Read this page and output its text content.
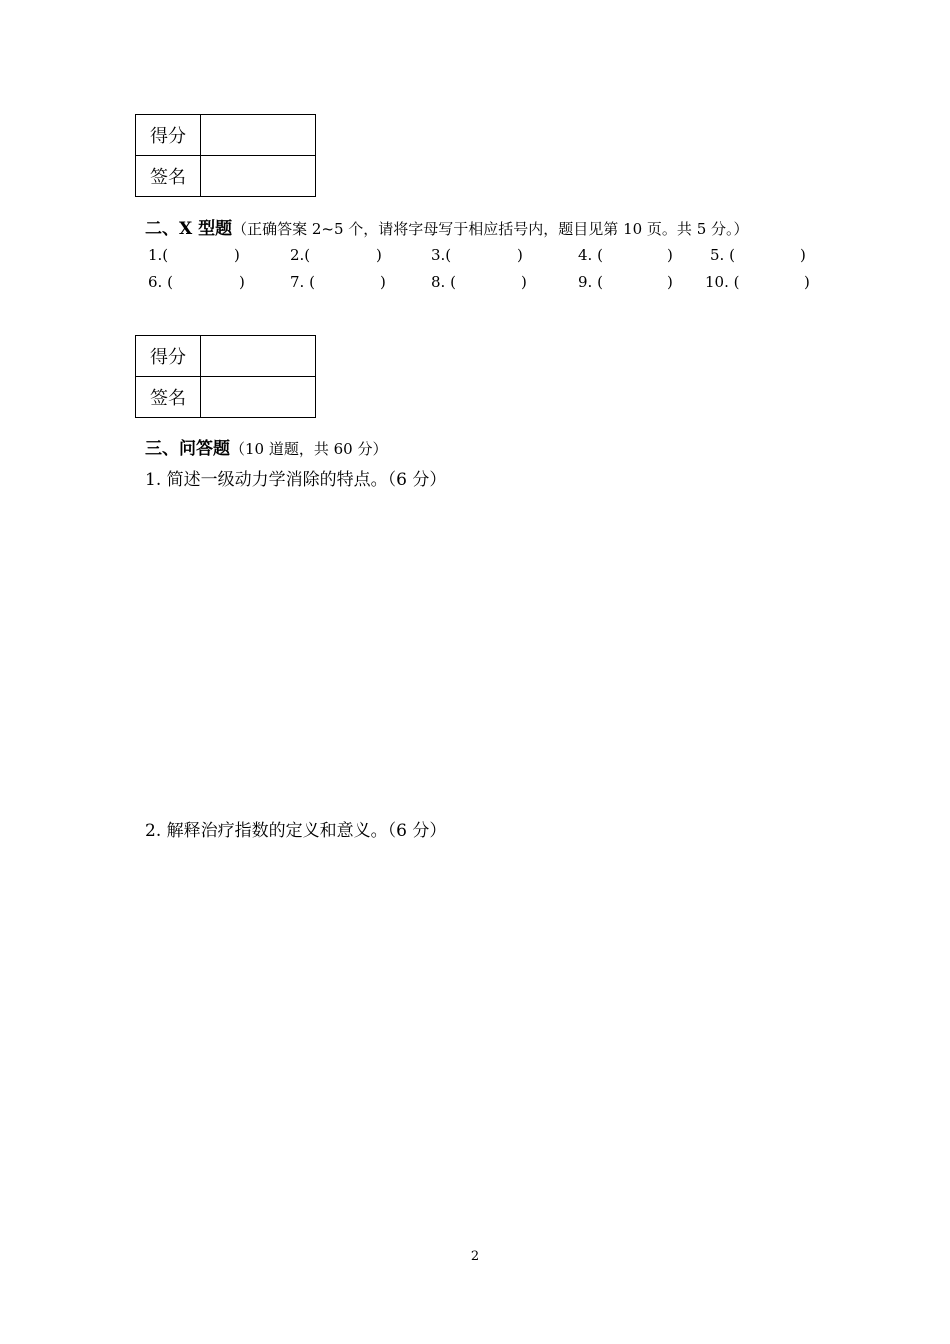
得分	
签名	
二、X 型题（正确答案 2~5 个，请将字母写于相应括号内，题目见第 10 页。共 5 分。）
1.(	)	2.(	)	3.(	)	4. (	) 5. (	)
6. (	)	7. (	)	8. (	)	9. (	) 10. (	)
得分	
签名	
三、问答题（10 道题，共 60 分）
1. 简述一级动力学消除的特点。（6 分）
2. 解释治疗指数的定义和意义。（6 分）
2
